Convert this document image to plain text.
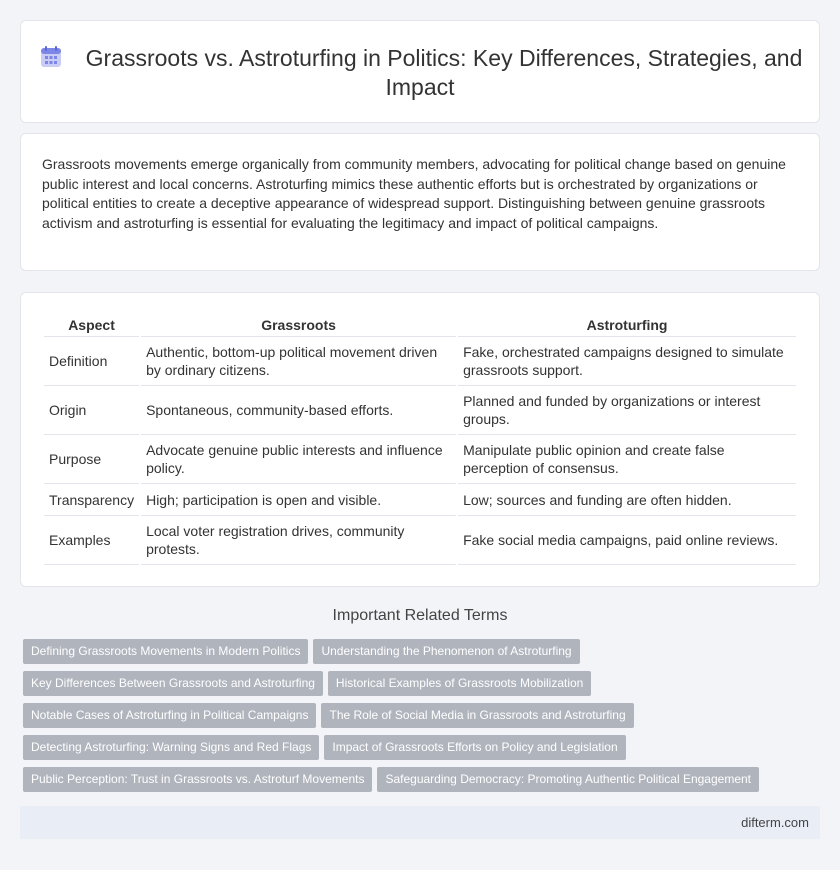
Grassroots vs. Astroturfing in Politics: Key Differences, Strategies, and Impact

Grassroots movements emerge organically from community members, advocating for political change based on genuine public interest and local concerns. Astroturfing mimics these authentic efforts but is orchestrated by organizations or political entities to create a deceptive appearance of widespread support. Distinguishing between genuine grassroots activism and astroturfing is essential for evaluating the legitimacy and impact of political campaigns.

Aspect	Grassroots	Astroturfing
Definition	Authentic, bottom-up political movement driven by ordinary citizens.	Fake, orchestrated campaigns designed to simulate grassroots support.
Origin	Spontaneous, community-based efforts.	Planned and funded by organizations or interest groups.
Purpose	Advocate genuine public interests and influence policy.	Manipulate public opinion and create false perception of consensus.
Transparency	High; participation is open and visible.	Low; sources and funding are often hidden.
Examples	Local voter registration drives, community protests.	Fake social media campaigns, paid online reviews.
Important Related Terms
Defining Grassroots Movements in Modern Politics Understanding the Phenomenon of Astroturfing
Key Differences Between Grassroots and Astroturfing Historical Examples of Grassroots Mobilization
Notable Cases of Astroturfing in Political Campaigns The Role of Social Media in Grassroots and Astroturfing
Detecting Astroturfing: Warning Signs and Red Flags Impact of Grassroots Efforts on Policy and Legislation
Public Perception: Trust in Grassroots vs. Astroturf Movements Safeguarding Democracy: Promoting Authentic Political Engagement
difterm.com
